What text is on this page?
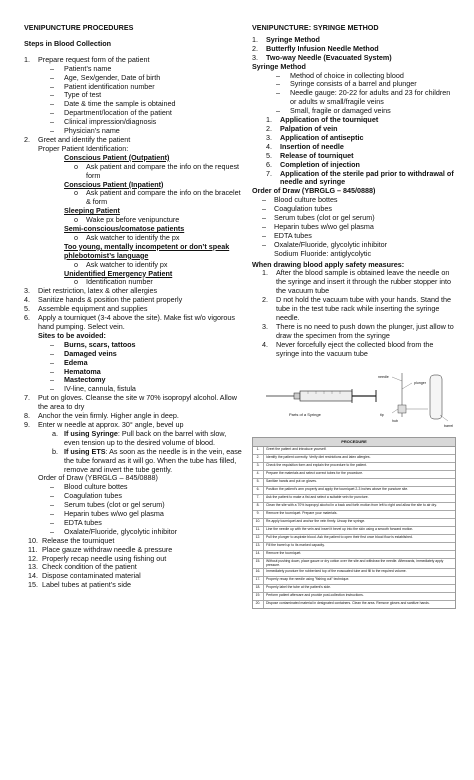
VENIPUNCTURE PROCEDURES
Steps in Blood Collection
1. Prepare request form of the patient
– Patient’s name
– Age, Sex/gender, Date of birth
– Patient identification number
– Type of test
– Date & time the sample is obtained
– Department/location of the patient
– Clinical impression/diagnosis
– Physician’s name
2. Greet and identify the patient
Proper Patient Identification:
Conscious Patient (Outpatient)
o Ask patient and compare the info on the request form
Conscious Patient (Inpatient)
o Ask patient and compare the info on the bracelet & form
Sleeping Patient
o Wake px before venipuncture
Semi-conscious/comatose patients
o Ask watcher to identify the px
Too young, mentally incompetent or don’t speak phlebotomist’s language
o Ask watcher to identify px
Unidentified Emergency Patient
o Identification number
3. Diet restriction, latex & other allergies
4. Sanitize hands & position the patient properly
5. Assemble equipment and supplies
6. Apply a tourniquet (3-4 above the site). Make fist w/o vigorous hand pumping. Select vein.
Sites to be avoided:
– Burns, scars, tattoos
– Damaged veins
– Edema
– Hematoma
– Mastectomy
– IV-line, cannula, fistula
7. Put on gloves. Cleanse the site w 70% isopropyl alcohol. Allow the area to dry
8. Anchor the vein firmly. Higher angle in deep.
9. Enter w needle at approx. 30° angle, bevel up
a. If using Syringe: Pull back on the barrel with slow, even tension up to the desired volume of blood.
b. If using ETS: As soon as the needle is in the vein, ease the tube forward as it will go. When the tube has filled, remove and invert the tube gently.
Order of Draw (YBRGLG – 845/0888)
– Blood culture bottes
– Coagulation tubes
– Serum tubes (clot or gel serum)
– Heparin tubes w/wo gel plasma
– EDTA tubes
– Oxalate/Fluoride, glycolytic inhibitor
10. Release the tourniquet
11. Place gauze withdraw needle & pressure
12. Properly recap needle using fishing out
13. Check condition of the patient
14. Dispose contaminated material
15. Label tubes at patient’s side
VENIPUNCTURE: SYRINGE METHOD
1. Syringe Method
2. Butterfly Infusion Needle Method
3. Two-way Needle (Evacuated System)
Syringe Method
– Method of choice in collecting blood
– Syringe consists of a barrel and plunger
– Needle gauge: 20-22 for adults and 23 for children or adults w small/fragile veins
– Small, fragile or damaged veins
1. Application of the tourniquet
2. Palpation of vein
3. Application of antiseptic
4. Insertion of needle
5. Release of tourniquet
6. Completion of injection
7. Application of the sterile pad prior to withdrawal of needle and syringe
Order of Draw (YBRGLG – 845/0888)
– Blood culture bottes
– Coagulation tubes
– Serum tubes (clot or gel serum)
– Heparin tubes w/wo gel plasma
– EDTA tubes
– Oxalate/Fluoride, glycolytic inhibitor
Sodium Fluoride: antiglycolytic
When drawing blood apply safety measures:
1. After the blood sample is obtained leave the needle on the syringe and insert it through the rubber stopper into the vacuum tube
2. D not hold the vacuum tube with your hands. Stand the tube in the test tube rack while inserting the syringe needle.
3. There is no need to push down the plunger, just allow to draw the specimen from the syringe
4. Never forcefully eject the collected blood from the syringe into the vacuum tube
Parts of a Syringe
needle
plunger
tip
barrel
hub
PROCEDURE
1.	Greet the patient and introduce yourself.
2.	Identify the patient correctly. Verify diet restrictions and latex allergies.
3.	Check the requisition form and explain the procedure to the patient.
4.	Prepare the materials and select correct tubes for the procedure.
5.	Sanitize hands and put on gloves.
6.	Position the patient's arm properly and apply the tourniquet 2-3 inches above the puncture site.
7.	Ask the patient to make a fist and select a suitable vein for puncture.
8.	Clean the site with a 70% isopropyl alcohol in a back and forth motion from left to right and allow the site to air dry.
9.	Remove the tourniquet. Prepare your materials.
10.	Re-apply tourniquet and anchor the vein firmly. Uncap the syringe.
11.	Line the needle up with the vein and insert it bevel up into the skin using a smooth forward motion.
12.	Pull the plunger to aspirate blood. Ask the patient to open their first once blood flow is established.
13.	Fill the barrel up to its marked capacity.
14.	Remove the tourniquet.
15.	Without pushing down, place gauze or dry cotton over the site and withdraw the needle. Afterwards, immediately apply pressure.
16.	Immediately puncture the rubberized top of the evacuated tube and fill to the required volume.
17.	Properly recap the needle using "fishing out" technique.
18.	Properly label the tube at the patient's side.
19.	Perform patient aftercare and provide post-collection instructions.
20.	Dispose contaminated material in designated containers. Clean the area. Remove gloves and sanitize hands.
